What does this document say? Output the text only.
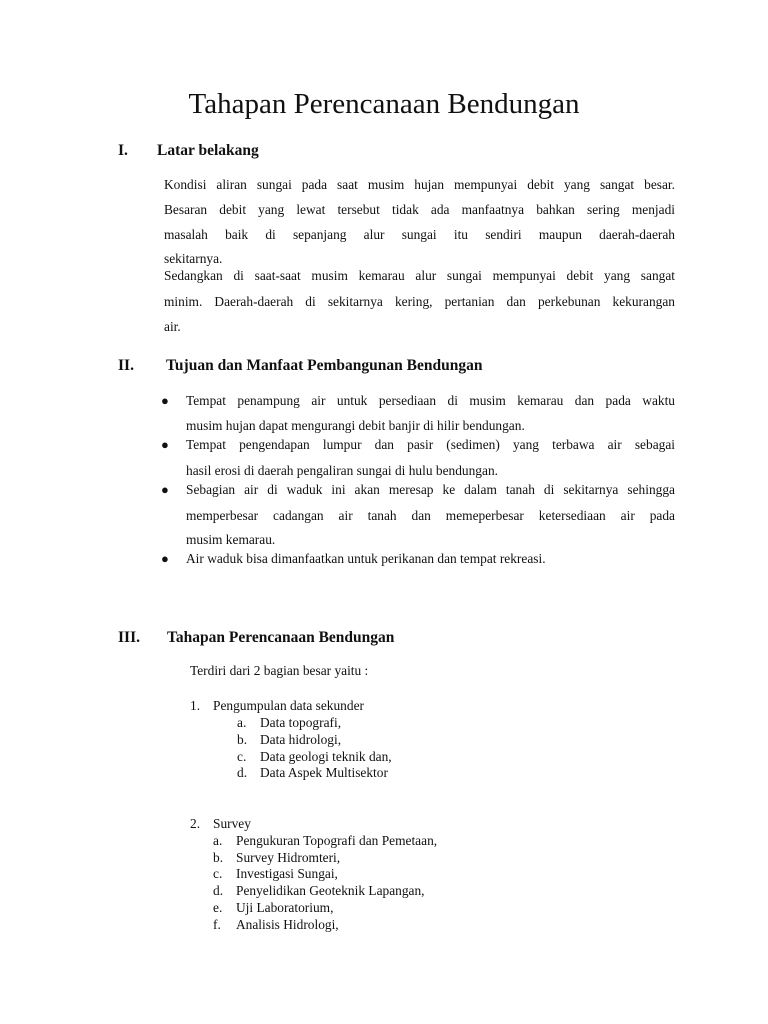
Tahapan Perencanaan Bendungan
I. Latar belakang
Kondisi aliran sungai pada saat musim hujan mempunyai debit yang sangat besar.
Besaran debit yang lewat tersebut tidak ada manfaatnya bahkan sering menjadi
masalah baik di sepanjang alur sungai itu sendiri maupun daerah-daerah
sekitarnya.
Sedangkan di saat-saat musim kemarau alur sungai mempunyai debit yang sangat
minim. Daerah-daerah di sekitarnya kering, pertanian dan perkebunan kekurangan
air.
II. Tujuan dan Manfaat Pembangunan Bendungan
● Tempat penampung air untuk persediaan di musim kemarau dan pada waktu
musim hujan dapat mengurangi debit banjir di hilir bendungan.
● Tempat pengendapan lumpur dan pasir (sedimen) yang terbawa air sebagai
hasil erosi di daerah pengaliran sungai di hulu bendungan.
● Sebagian air di waduk ini akan meresap ke dalam tanah di sekitarnya sehingga
memperbesar cadangan air tanah dan memeperbesar ketersediaan air pada
musim kemarau.
● Air waduk bisa dimanfaatkan untuk perikanan dan tempat rekreasi.
III. Tahapan Perencanaan Bendungan
Terdiri dari 2 bagian besar yaitu :
1. Pengumpulan data sekunder
a. Data topografi,
b. Data hidrologi,
c. Data geologi teknik dan,
d. Data Aspek Multisektor
2. Survey
a. Pengukuran Topografi dan Pemetaan,
b. Survey Hidromteri,
c. Investigasi Sungai,
d. Penyelidikan Geoteknik Lapangan,
e. Uji Laboratorium,
f. Analisis Hidrologi,
